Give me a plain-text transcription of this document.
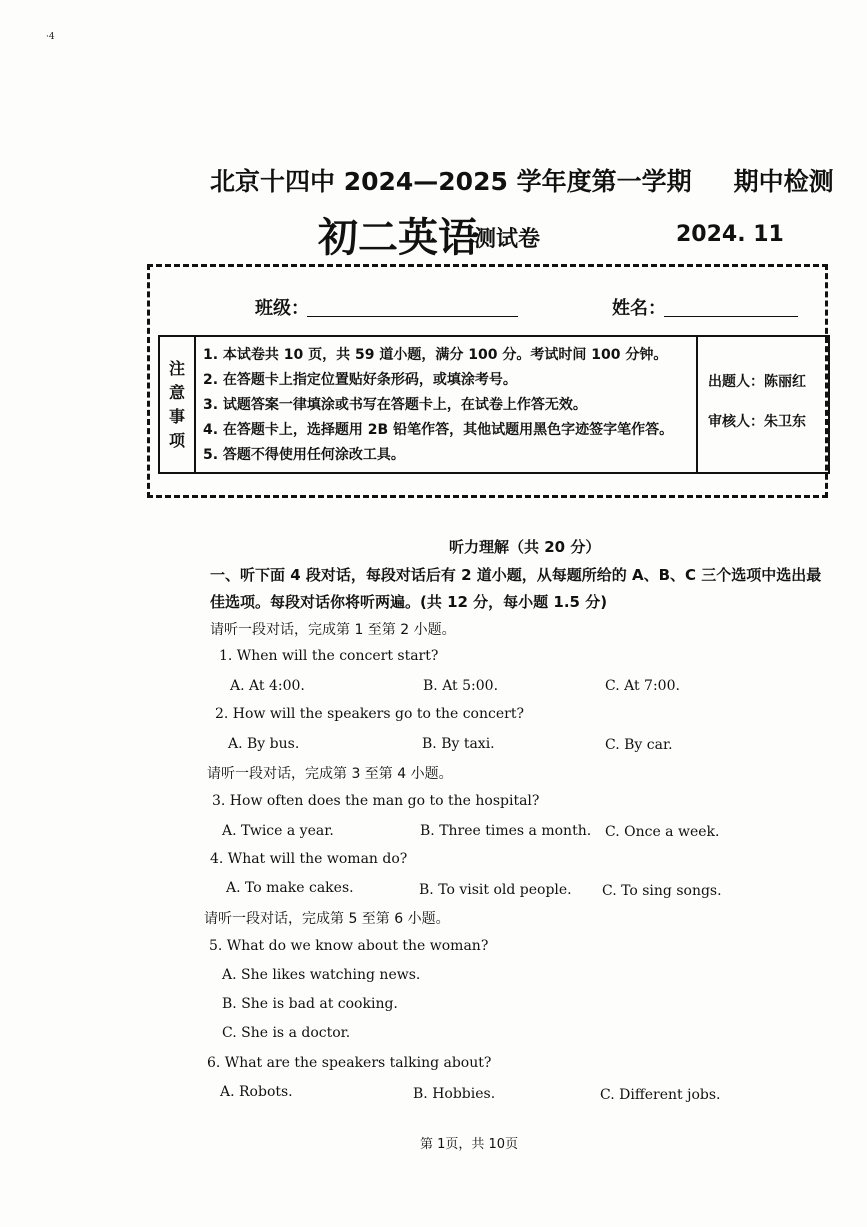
·4
北京十四中 2024—2025 学年度第一学期 期中检测
初二英语
测试卷	2024. 11
班级：	姓名：
注
意
事
项
1. 本试卷共 10 页，共 59 道小题，满分 100 分。考试时间 100 分钟。
2. 在答题卡上指定位置贴好条形码，或填涂考号。
3. 试题答案一律填涂或书写在答题卡上，在试卷上作答无效。
4. 在答题卡上，选择题用 2B 铅笔作答，其他试题用黑色字迹签字笔作答。
5. 答题不得使用任何涂改工具。
出题人：陈丽红
审核人：朱卫东
听力理解（共 20 分）
一、听下面 4 段对话，每段对话后有 2 道小题，从每题所给的 A、B、C 三个选项中选出最佳选项。每段对话你将听两遍。(共 12 分，每小题 1.5 分)
请听一段对话，完成第 1 至第 2 小题。
1. When will the concert start?
A. At 4:00.	B. At 5:00.	C. At 7:00.
2. How will the speakers go to the concert?
A. By bus.	B. By taxi.	C. By car.
请听一段对话，完成第 3 至第 4 小题。
3. How often does the man go to the hospital?
A. Twice a year.	B. Three times a month. C. Once a week.
4. What will the woman do?
A. To make cakes.	B. To visit old people. C. To sing songs.
请听一段对话，完成第 5 至第 6 小题。
5. What do we know about the woman?
A. She likes watching news.
B. She is bad at cooking.
C. She is a doctor.
6. What are the speakers talking about?
A. Robots.	B. Hobbies.	C. Different jobs.
第 1页，共 10页
